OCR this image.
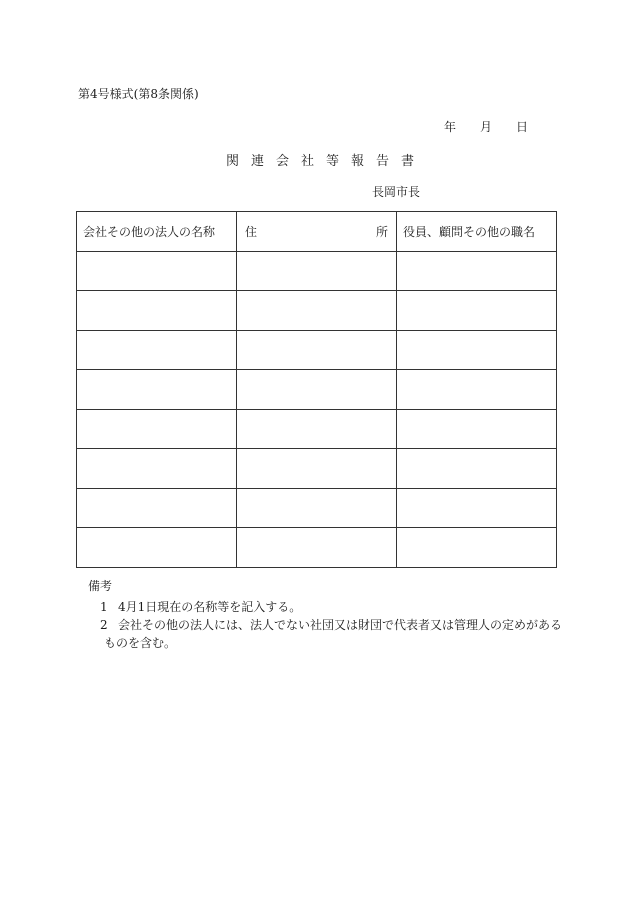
第4号様式(第8条関係)
年	月	日
関連会社等報告書
長岡市長
会社その他の法人の名称	住 所	役員、顧問その他の職名

備考
1 4月1日現在の名称等を記入する。
2 会社その他の法人には、法人でない社団又は財団で代表者又は管理人の定めがある
ものを含む。
